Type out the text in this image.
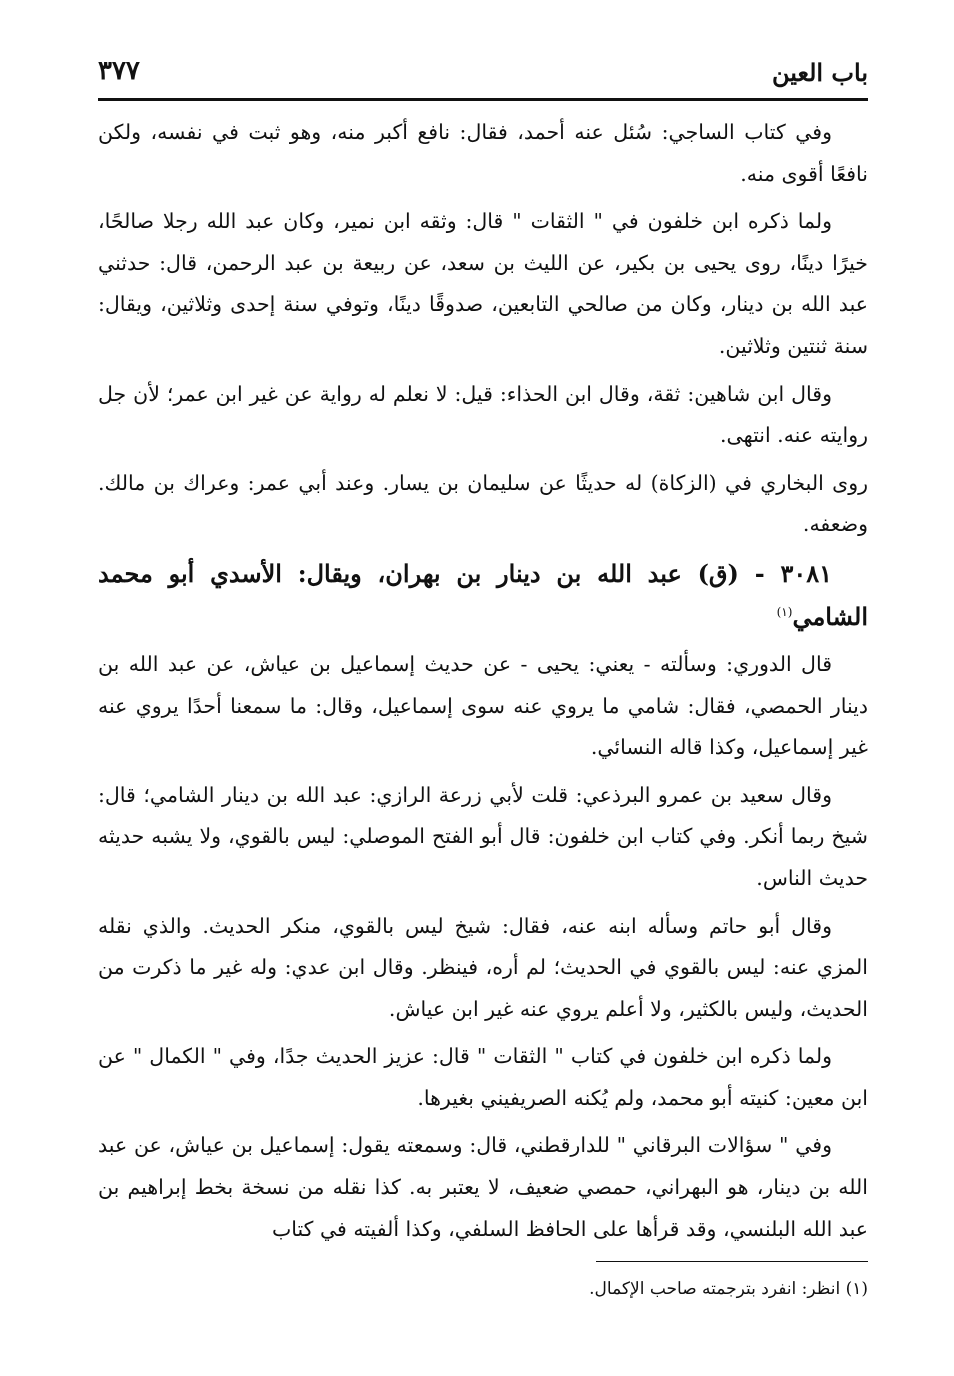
باب العين
٣٧٧

وفي كتاب الساجي: سُئل عنه أحمد، فقال: نافع أكبر منه، وهو ثبت في نفسه، ولكن نافعًا أقوى منه.

ولما ذكره ابن خلفون في " الثقات " قال: وثقه ابن نمير، وكان عبد الله رجلا صالحًا، خيرًا دينًا، روى يحيى بن بكير، عن الليث بن سعد، عن ربيعة بن عبد الرحمن، قال: حدثني عبد الله بن دينار، وكان من صالحي التابعين، صدوقًا دينًا، وتوفي سنة إحدى وثلاثين، ويقال: سنة ثنتين وثلاثين.

وقال ابن شاهين: ثقة، وقال ابن الحذاء: قيل: لا نعلم له رواية عن غير ابن عمر؛ لأن جل روايته عنه. انتهى.

روى البخاري في (الزكاة) له حديثًا عن سليمان بن يسار. وعند أبي عمر: وعراك بن مالك. وضعفه.

٣٠٨١ - (ق) عبد الله بن دينار بن بهران، ويقال: الأسدي أبو محمد الشامي$^{(١)}$

قال الدوري: وسألته - يعني: يحيى - عن حديث إسماعيل بن عياش، عن عبد الله بن دينار الحمصي، فقال: شامي ما يروي عنه سوى إسماعيل، وقال: ما سمعنا أحدًا يروي عنه غير إسماعيل، وكذا قاله النسائي.

وقال سعيد بن عمرو البرذعي: قلت لأبي زرعة الرازي: عبد الله بن دينار الشامي؛ قال: شيخ ربما أنكر. وفي كتاب ابن خلفون: قال أبو الفتح الموصلي: ليس بالقوي، ولا يشبه حديثه حديث الناس.

وقال أبو حاتم وسأله ابنه عنه، فقال: شيخ ليس بالقوي، منكر الحديث. والذي نقله المزي عنه: ليس بالقوي في الحديث؛ لم أره، فينظر. وقال ابن عدي: وله غير ما ذكرت من الحديث، وليس بالكثير، ولا أعلم يروي عنه غير ابن عياش.

ولما ذكره ابن خلفون في كتاب " الثقات " قال: عزيز الحديث جدًا، وفي " الكمال " عن ابن معين: كنيته أبو محمد، ولم يُكنه الصريفيني بغيرها.

وفي " سؤالات البرقاني " للدارقطني، قال: وسمعته يقول: إسماعيل بن عياش، عن عبد الله بن دينار، هو البهراني، حمصي ضعيف، لا يعتبر به. كذا نقله من نسخة بخط إبراهيم بن عبد الله البلنسي، وقد قرأها على الحافظ السلفي، وكذا ألفيته في كتاب

(١) انظر: انفرد بترجمته صاحب الإكمال.
